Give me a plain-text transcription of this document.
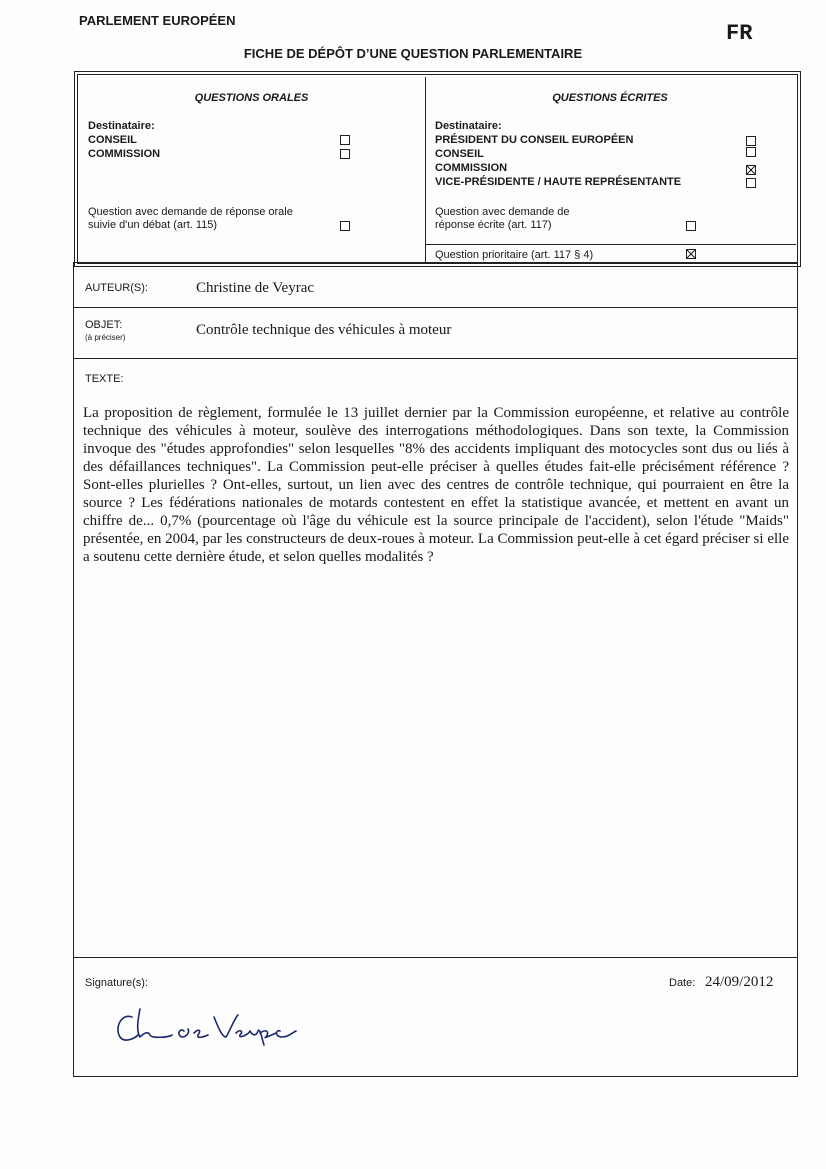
PARLEMENT EUROPÉEN
FR
FICHE DE DÉPÔT D’UNE QUESTION PARLEMENTAIRE
QUESTIONS ORALES
Destinataire:
CONSEIL
COMMISSION
Question avec demande de réponse orale
suivie d'un débat (art. 115)
QUESTIONS ÉCRITES
Destinataire:
PRÉSIDENT DU CONSEIL EUROPÉEN
CONSEIL
COMMISSION
VICE-PRÉSIDENTE / HAUTE REPRÉSENTANTE
Question avec demande de
réponse écrite (art. 117)
Question prioritaire (art. 117 § 4)
AUTEUR(S):	Christine de Veyrac
OBJET:
(à préciser)	Contrôle technique des véhicules à moteur
TEXTE:
La proposition de règlement, formulée le 13 juillet dernier par la Commission européenne, et relative au contrôle technique des véhicules à moteur, soulève des interrogations méthodologiques. Dans son texte, la Commission invoque des "études approfondies" selon lesquelles "8% des accidents impliquant des motocycles sont dus ou liés à des défaillances techniques". La Commission peut-elle préciser à quelles études fait-elle précisément référence ? Sont-elles plurielles ? Ont-elles, surtout, un lien avec des centres de contrôle technique, qui pourraient en être la source ? Les fédérations nationales de motards contestent en effet la statistique avancée, et mettent en avant un chiffre de... 0,7% (pourcentage où l'âge du véhicule est la source principale de l'accident), selon l'étude "Maids" présentée, en 2004, par les constructeurs de deux-roues à moteur. La Commission peut-elle à cet égard préciser si elle a soutenu cette dernière étude, et selon quelles modalités ?
Signature(s):	Date: 24/09/2012
